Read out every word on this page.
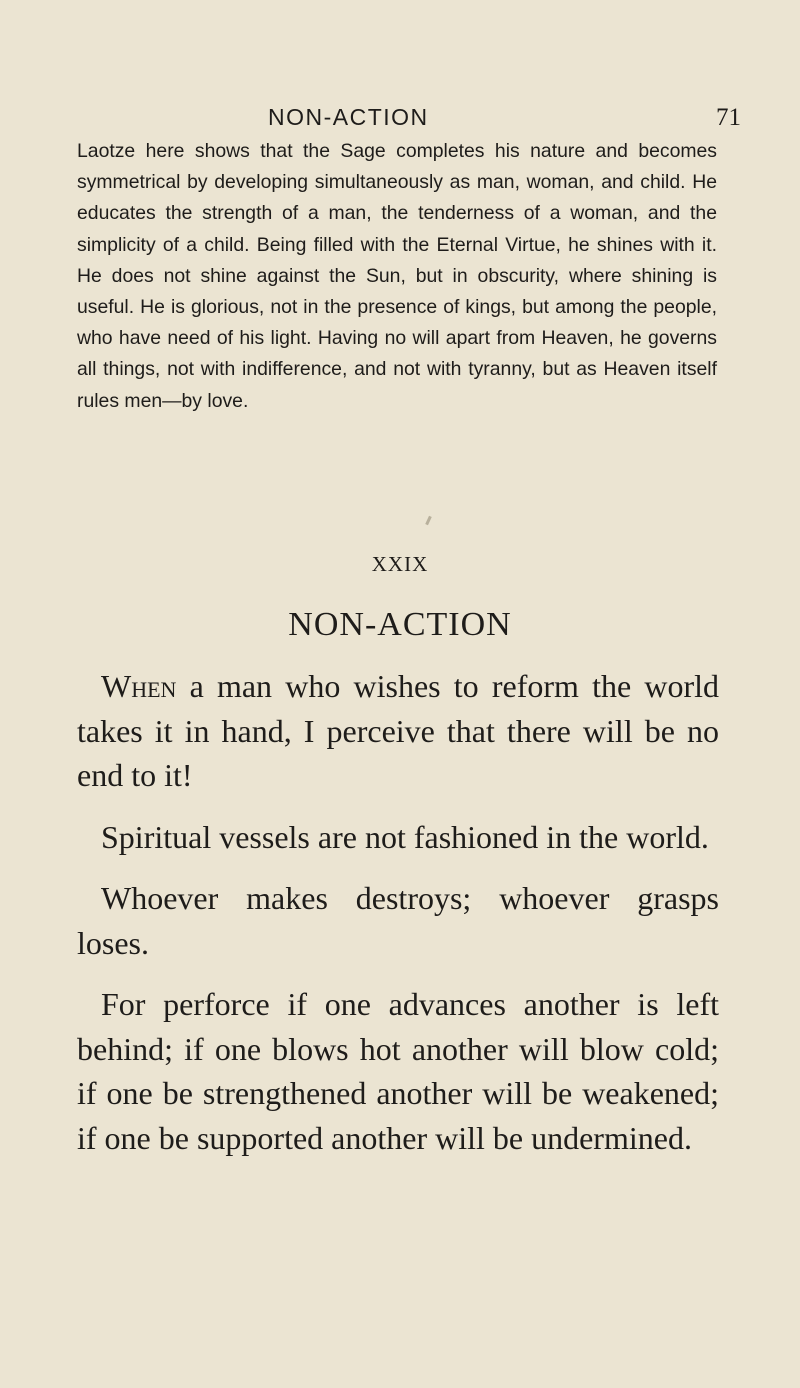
NON-ACTION	71

Laotze here shows that the Sage completes his nature and becomes symmetrical by developing simultaneously as man, woman, and child. He educates the strength of a man, the tenderness of a woman, and the simplicity of a child. Being filled with the Eternal Virtue, he shines with it. He does not shine against the Sun, but in obscurity, where shining is useful. He is glorious, not in the presence of kings, but among the people, who have need of his light. Having no will apart from Heaven, he governs all things, not with indifference, and not with tyranny, but as Heaven itself rules men—by love.

XXIX
NON-ACTION

When a man who wishes to reform the world takes it in hand, I perceive that there will be no end to it!

Spiritual vessels are not fashioned in the world.

Whoever makes destroys; whoever grasps loses.

For perforce if one advances another is left behind; if one blows hot another will blow cold; if one be strengthened another will be weakened; if one be supported another will be undermined.
